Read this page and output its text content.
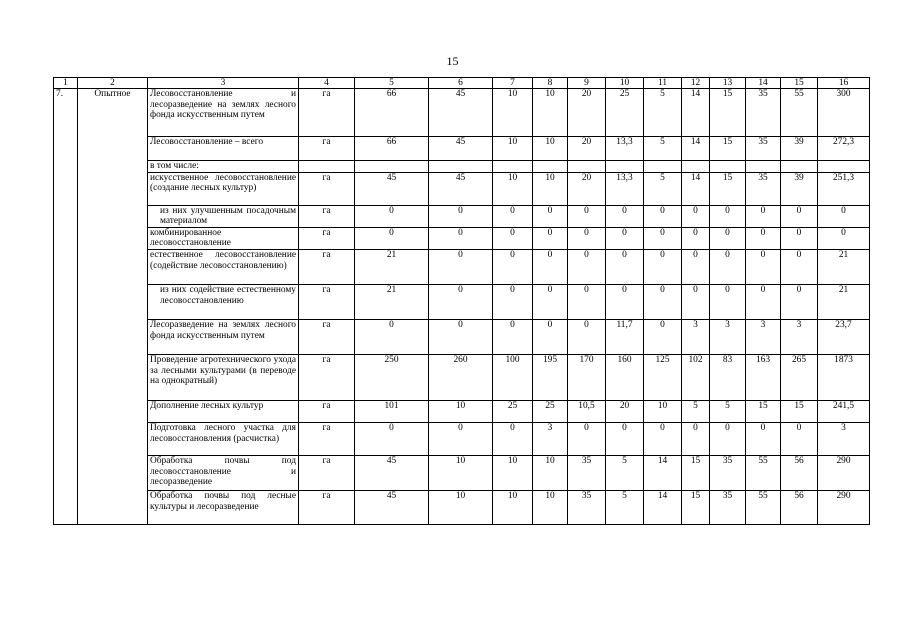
15
1	2	3	4	5	6	7	8	9	10	11	12	13	14	15	16
7.	Опытное	Лесовосстановление и лесоразведение на землях лесного фонда искусственным путем	га	66	45	10	10	20	25	5	14	15	35	55	300
		Лесовосстановление – всего	га	66	45	10	10	20	13,3	5	14	15	35	39	272,3
		в том числе:													
		искусственное лесовосстановление (создание лесных культур)	га	45	45	10	10	20	13,3	5	14	15	35	39	251,3
		из них улучшенным посадочным материалом	га	0	0	0	0	0	0	0	0	0	0	0	0
		комбинированное лесовосстановление	га	0	0	0	0	0	0	0	0	0	0	0	0
		естественное лесовосстановление (содействие лесовосстановлению)	га	21	0	0	0	0	0	0	0	0	0	0	21
		из них содействие естественному лесовосстановлению	га	21	0	0	0	0	0	0	0	0	0	0	21
		Лесоразведение на землях лесного фонда искусственным путем	га	0	0	0	0	0	11,7	0	3	3	3	3	23,7
		Проведение агротехнического ухода за лесными культурами (в переводе на однократный)	га	250	260	100	195	170	160	125	102	83	163	265	1873
		Дополнение лесных культур	га	101	10	25	25	10,5	20	10	5	5	15	15	241,5
		Подготовка лесного участка для лесовосстановления (расчистка)	га	0	0	0	3	0	0	0	0	0	0	0	3
		Обработка почвы под лесовосстановление и лесоразведение	га	45	10	10	10	35	5	14	15	35	55	56	290
		Обработка почвы под лесные культуры и лесоразведение	га	45	10	10	10	35	5	14	15	35	55	56	290
